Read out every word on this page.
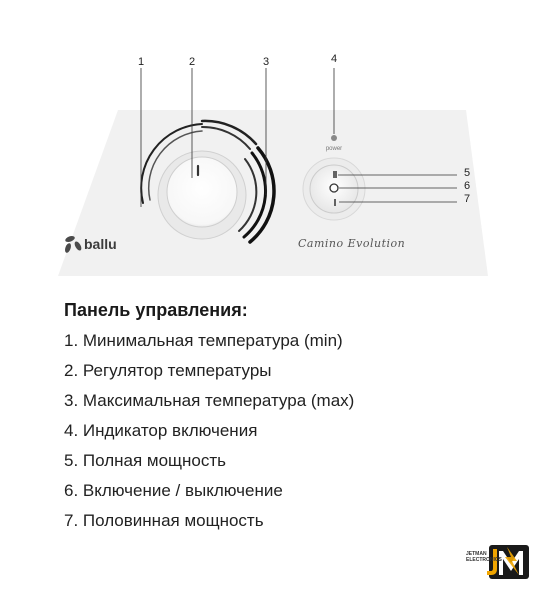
power
1	2	3	4
5
6
7
ballu	Camino Evolution
Панель управления:
1. Минимальная температура (min)
2. Регулятор температуры
3. Максимальная температура (max)
4. Индикатор включения
5. Полная мощность
6. Включение / выключение
7. Половинная мощность
JETMAN
ELECTRONICS
